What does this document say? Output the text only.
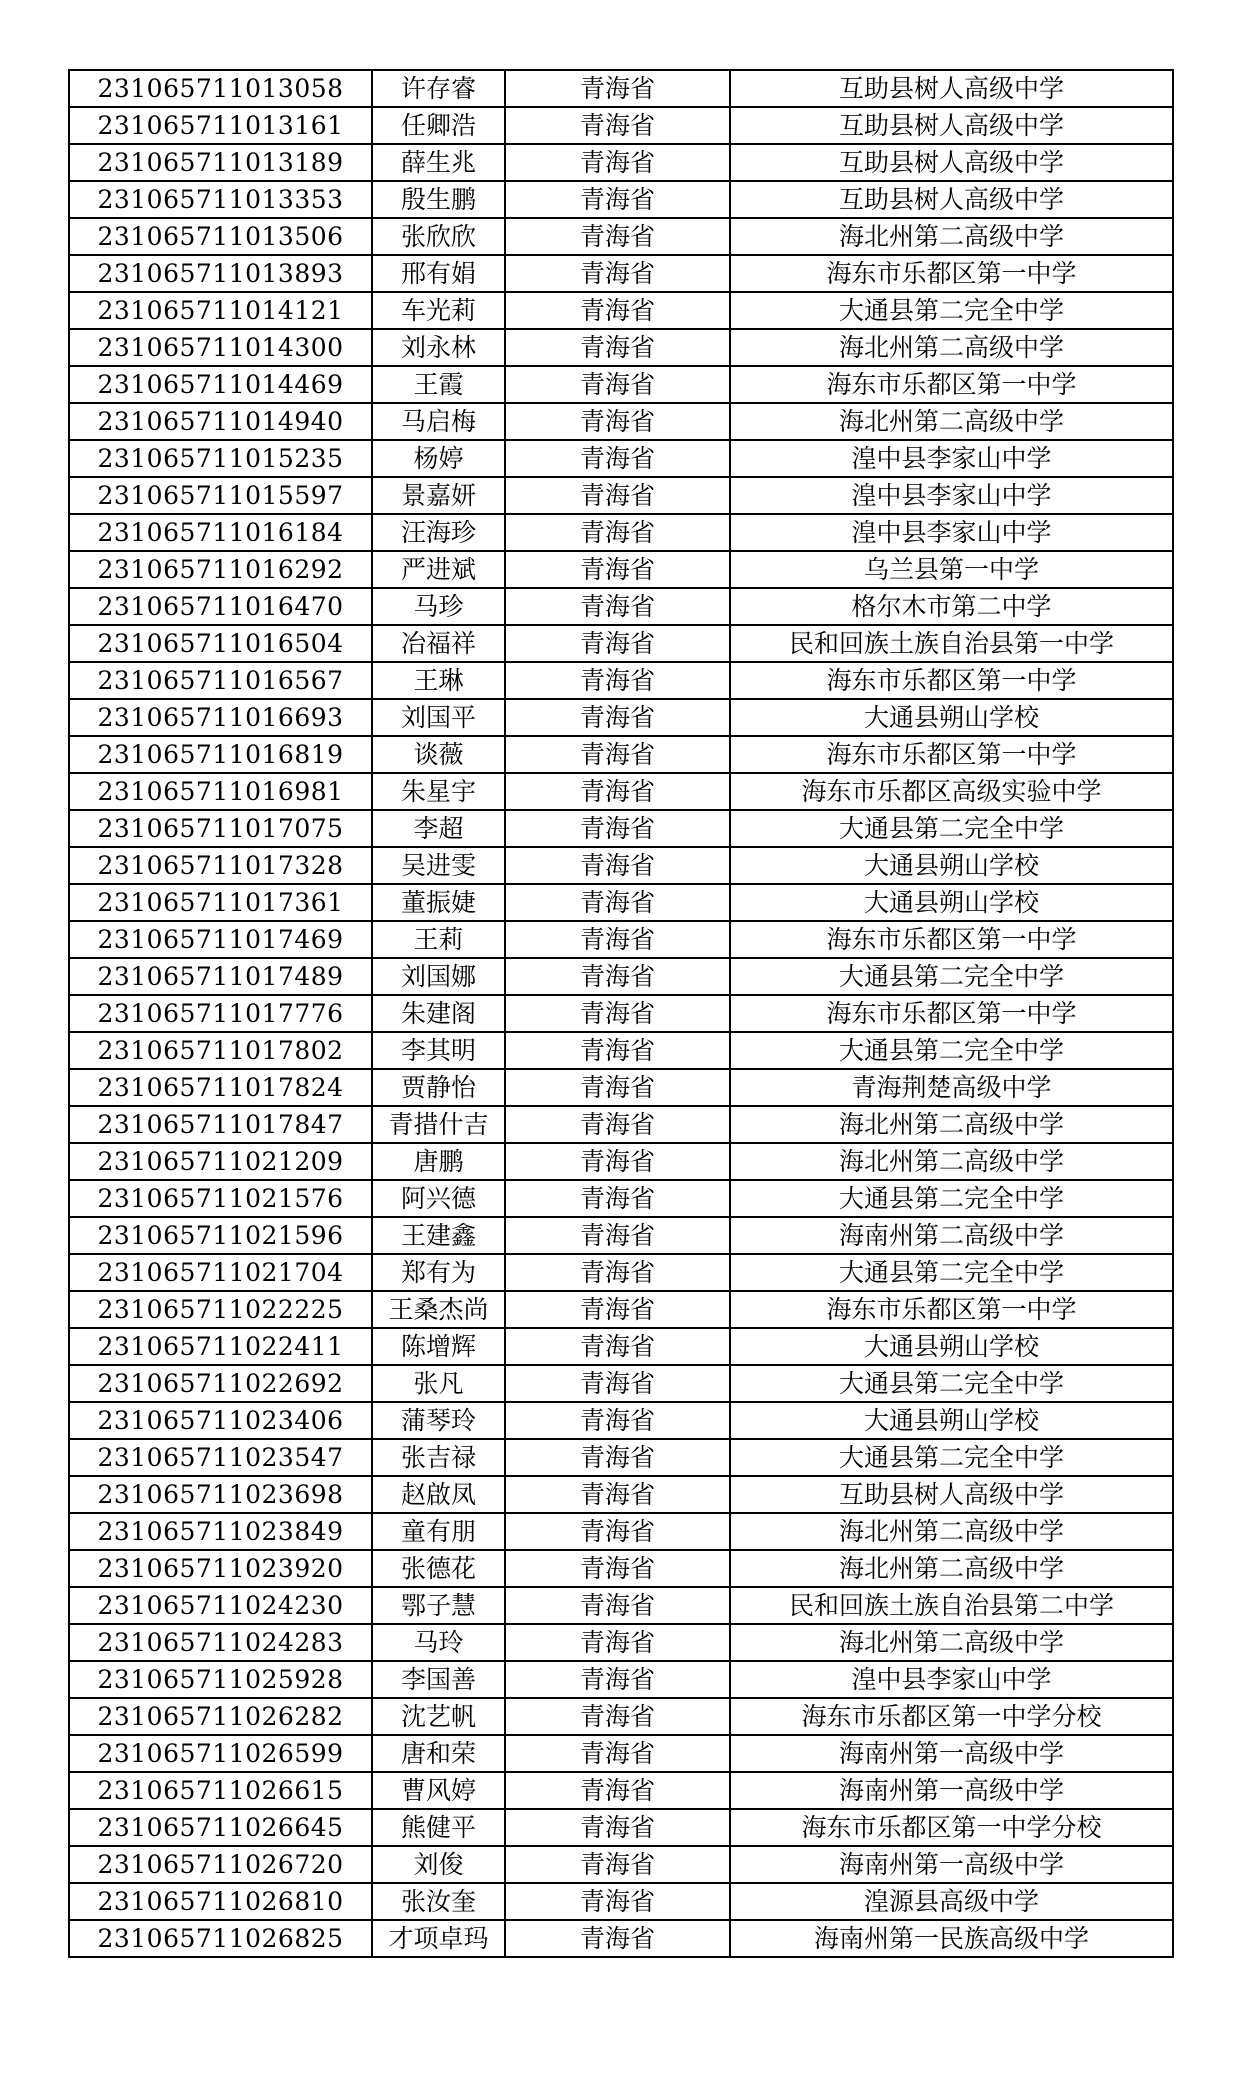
231065711013058	许存睿	青海省	互助县树人高级中学
231065711013161	任卿浩	青海省	互助县树人高级中学
231065711013189	薛生兆	青海省	互助县树人高级中学
231065711013353	殷生鹏	青海省	互助县树人高级中学
231065711013506	张欣欣	青海省	海北州第二高级中学
231065711013893	邢有娟	青海省	海东市乐都区第一中学
231065711014121	车光莉	青海省	大通县第二完全中学
231065711014300	刘永林	青海省	海北州第二高级中学
231065711014469	王霞	青海省	海东市乐都区第一中学
231065711014940	马启梅	青海省	海北州第二高级中学
231065711015235	杨婷	青海省	湟中县李家山中学
231065711015597	景嘉妍	青海省	湟中县李家山中学
231065711016184	汪海珍	青海省	湟中县李家山中学
231065711016292	严进斌	青海省	乌兰县第一中学
231065711016470	马珍	青海省	格尔木市第二中学
231065711016504	冶福祥	青海省	民和回族土族自治县第一中学
231065711016567	王琳	青海省	海东市乐都区第一中学
231065711016693	刘国平	青海省	大通县朔山学校
231065711016819	谈薇	青海省	海东市乐都区第一中学
231065711016981	朱星宇	青海省	海东市乐都区高级实验中学
231065711017075	李超	青海省	大通县第二完全中学
231065711017328	吴进雯	青海省	大通县朔山学校
231065711017361	董振婕	青海省	大通县朔山学校
231065711017469	王莉	青海省	海东市乐都区第一中学
231065711017489	刘国娜	青海省	大通县第二完全中学
231065711017776	朱建阁	青海省	海东市乐都区第一中学
231065711017802	李其明	青海省	大通县第二完全中学
231065711017824	贾静怡	青海省	青海荆楚高级中学
231065711017847	青措什吉	青海省	海北州第二高级中学
231065711021209	唐鹏	青海省	海北州第二高级中学
231065711021576	阿兴德	青海省	大通县第二完全中学
231065711021596	王建鑫	青海省	海南州第二高级中学
231065711021704	郑有为	青海省	大通县第二完全中学
231065711022225	王桑杰尚	青海省	海东市乐都区第一中学
231065711022411	陈增辉	青海省	大通县朔山学校
231065711022692	张凡	青海省	大通县第二完全中学
231065711023406	蒲琴玲	青海省	大通县朔山学校
231065711023547	张吉禄	青海省	大通县第二完全中学
231065711023698	赵啟凤	青海省	互助县树人高级中学
231065711023849	童有朋	青海省	海北州第二高级中学
231065711023920	张德花	青海省	海北州第二高级中学
231065711024230	鄂子慧	青海省	民和回族土族自治县第二中学
231065711024283	马玲	青海省	海北州第二高级中学
231065711025928	李国善	青海省	湟中县李家山中学
231065711026282	沈艺帆	青海省	海东市乐都区第一中学分校
231065711026599	唐和荣	青海省	海南州第一高级中学
231065711026615	曹风婷	青海省	海南州第一高级中学
231065711026645	熊健平	青海省	海东市乐都区第一中学分校
231065711026720	刘俊	青海省	海南州第一高级中学
231065711026810	张汝奎	青海省	湟源县高级中学
231065711026825	才项卓玛	青海省	海南州第一民族高级中学
